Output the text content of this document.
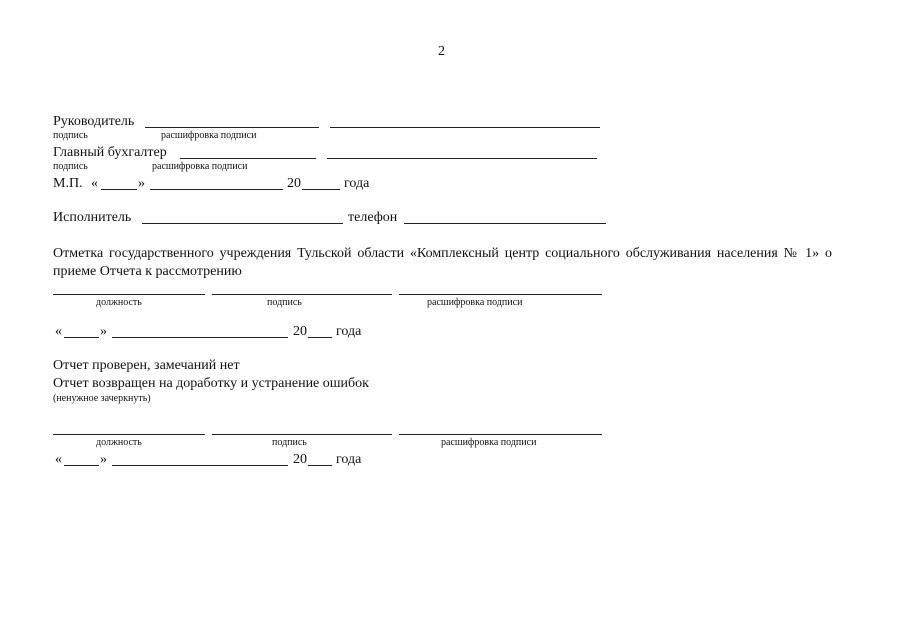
2
Руководитель
подпись	расшифровка подписи
Главный бухгалтер
подпись	расшифровка подписи
М.П. «	»	20	года
Исполнитель	телефон
Отметка государственного учреждения Тульской области «Комплексный центр социального обслуживания населения № 1» о приеме Отчета к рассмотрению
должность	подпись	расшифровка подписи
«	»	20 года
Отчет проверен, замечаний нет
Отчет возвращен на доработку и устранение ошибок
(ненужное зачеркнуть)
должность	подпись	расшифровка подписи
«	»	20 года
